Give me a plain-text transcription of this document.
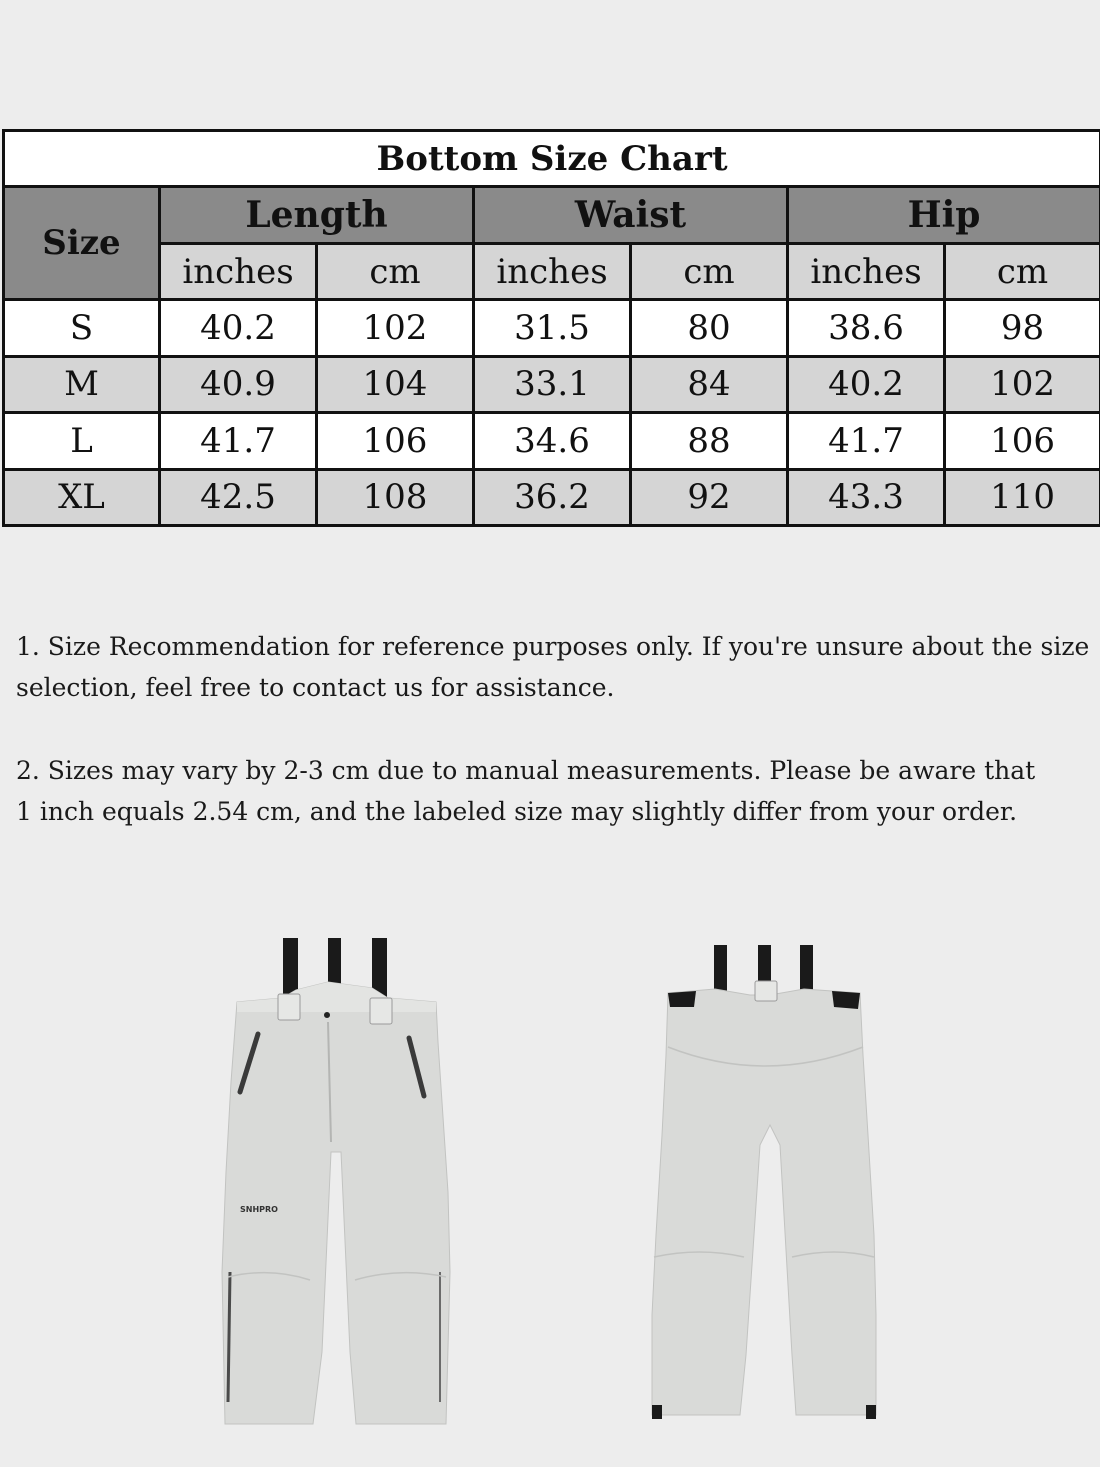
Bottom Size Chart						
Size	Length		Waist		Hip	
	inches	cm	inches	cm	inches	cm
S	40.2	102	31.5	80	38.6	98
M	40.9	104	33.1	84	40.2	102
L	41.7	106	34.6	88	41.7	106
XL	42.5	108	36.2	92	43.3	110

1. Size Recommendation for reference purposes only. If you're unsure about the size
selection, feel free to contact us for assistance.

2. Sizes may vary by 2-3 cm due to manual measurements. Please be aware that
1 inch equals 2.54 cm, and the labeled size may slightly differ from your order.

SNHPRO
